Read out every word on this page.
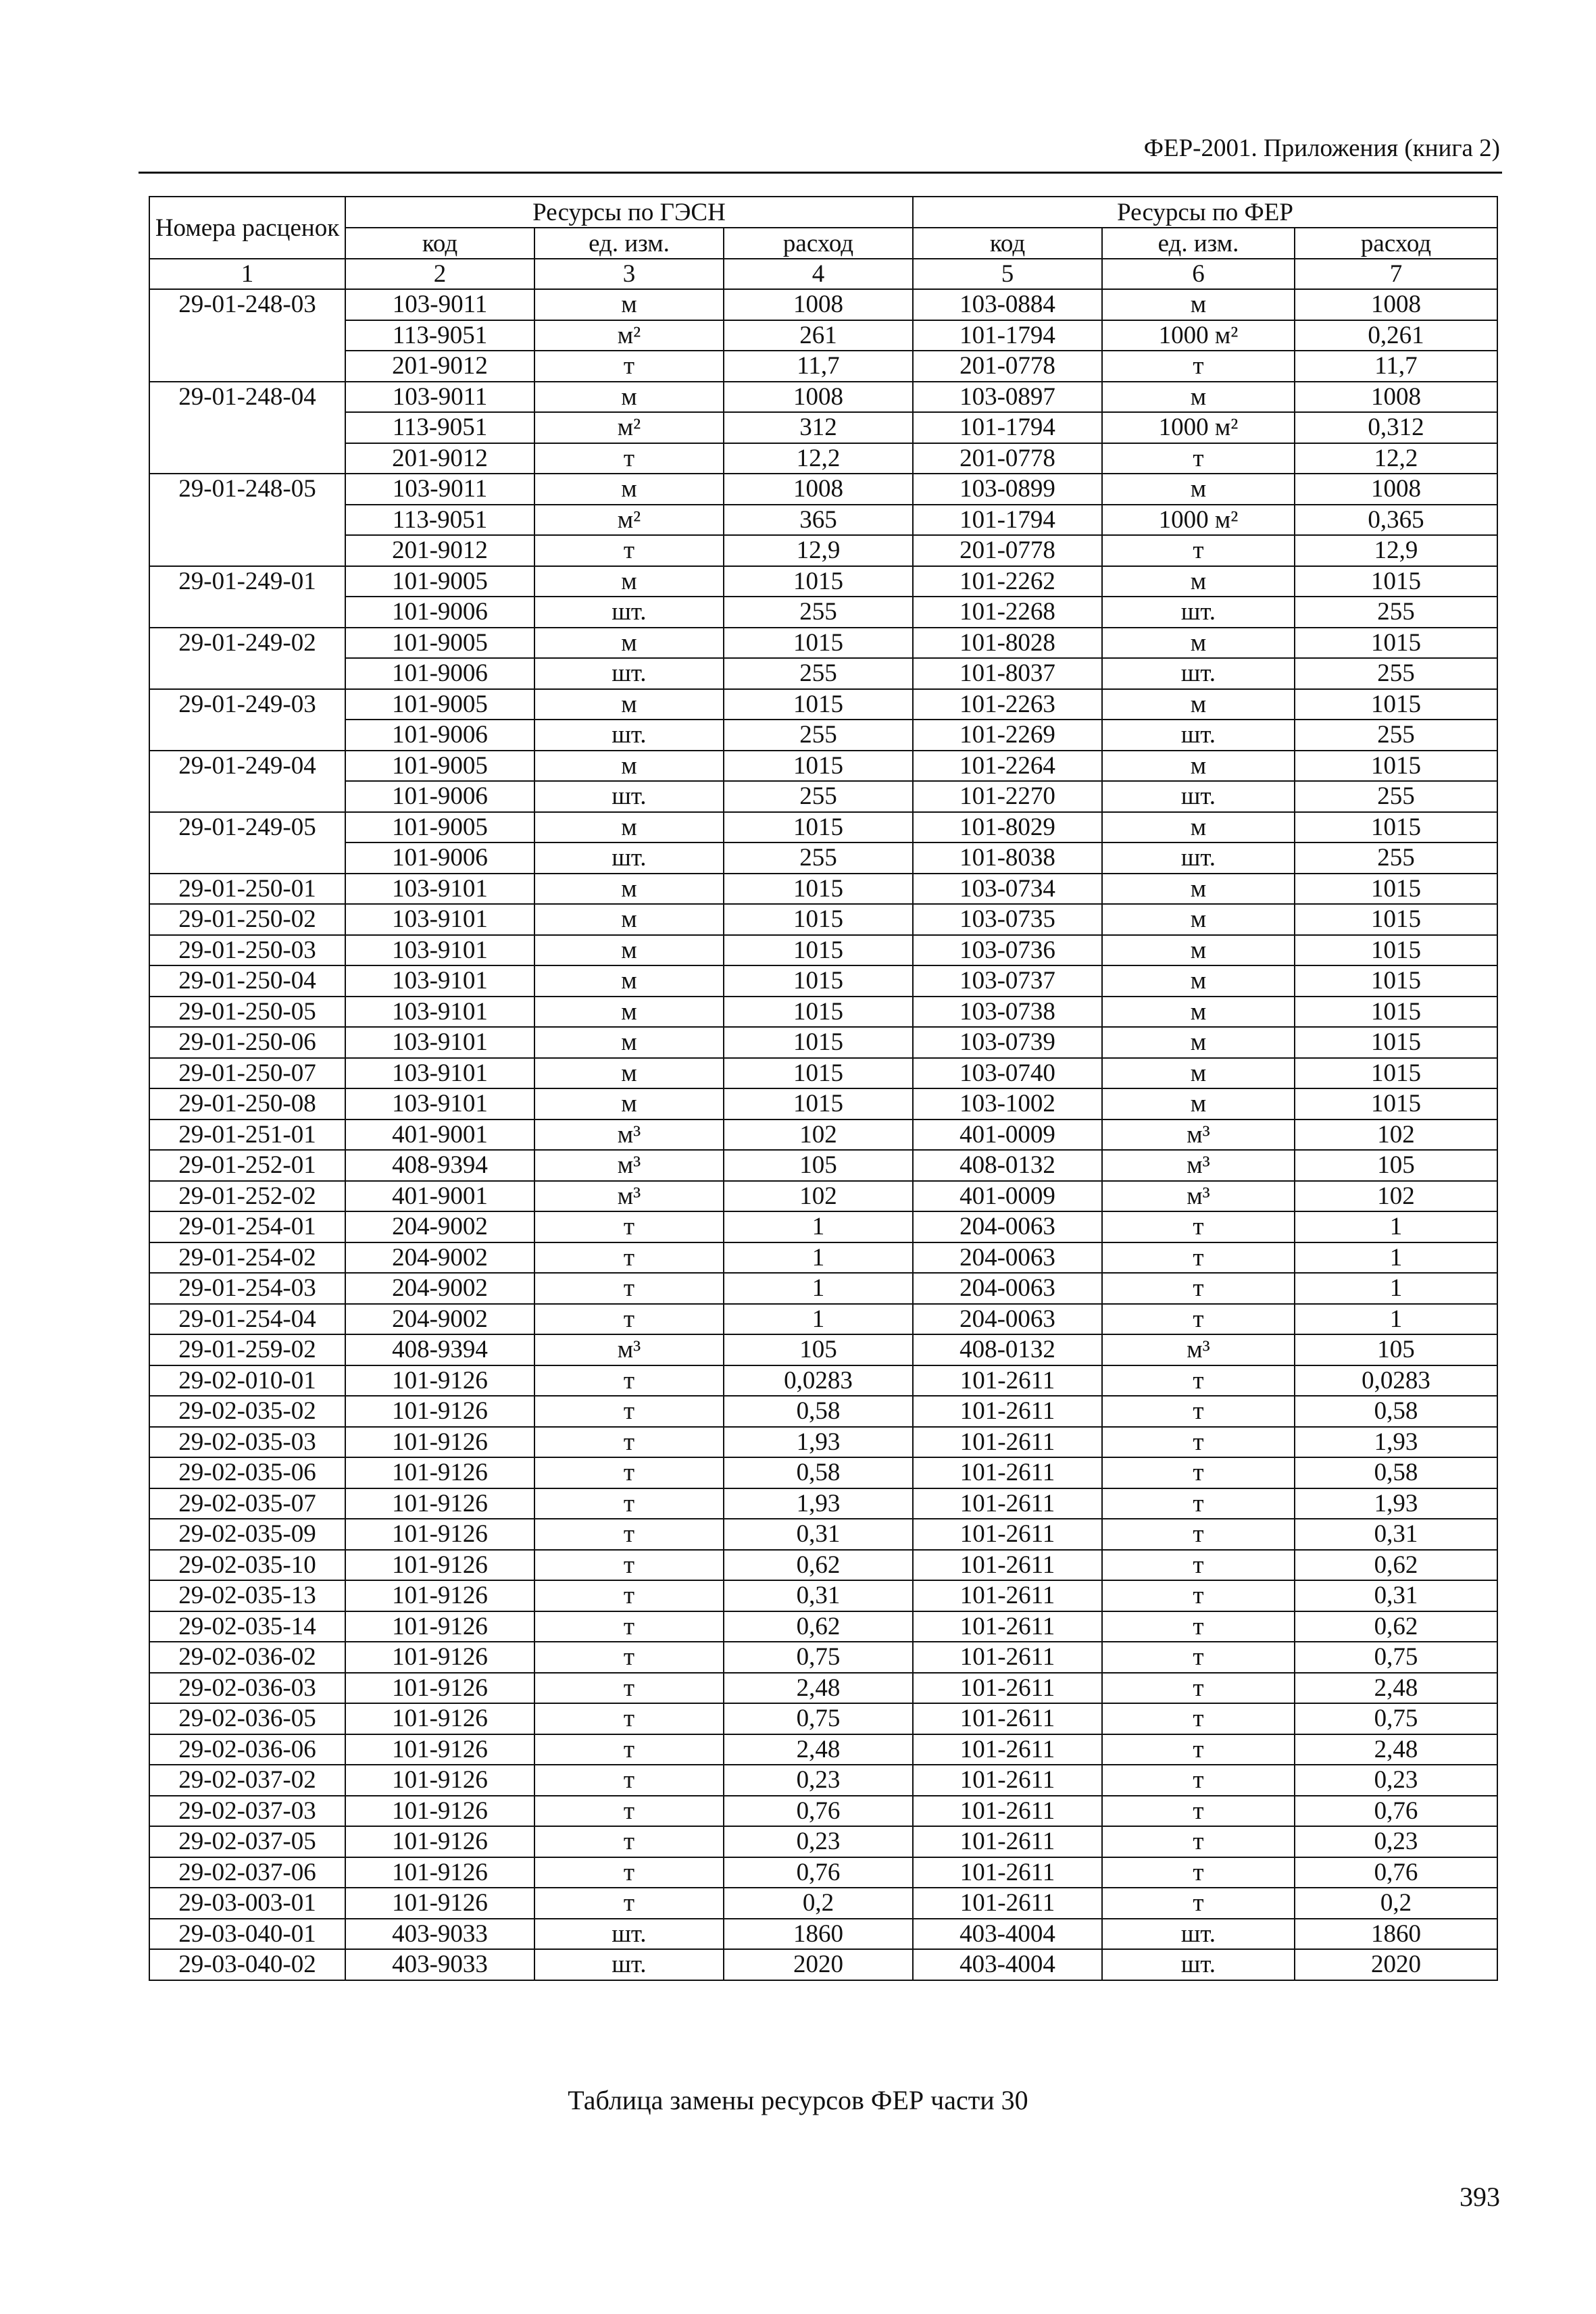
ФЕР-2001. Приложения (книга 2)
Номера расценок	Ресурсы по ГЭСН			Ресурсы по ФЕР		
	код	ед. изм.	расход	код	ед. изм.	расход
1	2	3	4	5	6	7
29-01-248-03	103-9011	м	1008	103-0884	м	1008
	113-9051	м²	261	101-1794	1000 м²	0,261
	201-9012	т	11,7	201-0778	т	11,7
29-01-248-04	103-9011	м	1008	103-0897	м	1008
	113-9051	м²	312	101-1794	1000 м²	0,312
	201-9012	т	12,2	201-0778	т	12,2
29-01-248-05	103-9011	м	1008	103-0899	м	1008
	113-9051	м²	365	101-1794	1000 м²	0,365
	201-9012	т	12,9	201-0778	т	12,9
29-01-249-01	101-9005	м	1015	101-2262	м	1015
	101-9006	шт.	255	101-2268	шт.	255
29-01-249-02	101-9005	м	1015	101-8028	м	1015
	101-9006	шт.	255	101-8037	шт.	255
29-01-249-03	101-9005	м	1015	101-2263	м	1015
	101-9006	шт.	255	101-2269	шт.	255
29-01-249-04	101-9005	м	1015	101-2264	м	1015
	101-9006	шт.	255	101-2270	шт.	255
29-01-249-05	101-9005	м	1015	101-8029	м	1015
	101-9006	шт.	255	101-8038	шт.	255
29-01-250-01	103-9101	м	1015	103-0734	м	1015
29-01-250-02	103-9101	м	1015	103-0735	м	1015
29-01-250-03	103-9101	м	1015	103-0736	м	1015
29-01-250-04	103-9101	м	1015	103-0737	м	1015
29-01-250-05	103-9101	м	1015	103-0738	м	1015
29-01-250-06	103-9101	м	1015	103-0739	м	1015
29-01-250-07	103-9101	м	1015	103-0740	м	1015
29-01-250-08	103-9101	м	1015	103-1002	м	1015
29-01-251-01	401-9001	м³	102	401-0009	м³	102
29-01-252-01	408-9394	м³	105	408-0132	м³	105
29-01-252-02	401-9001	м³	102	401-0009	м³	102
29-01-254-01	204-9002	т	1	204-0063	т	1
29-01-254-02	204-9002	т	1	204-0063	т	1
29-01-254-03	204-9002	т	1	204-0063	т	1
29-01-254-04	204-9002	т	1	204-0063	т	1
29-01-259-02	408-9394	м³	105	408-0132	м³	105
29-02-010-01	101-9126	т	0,0283	101-2611	т	0,0283
29-02-035-02	101-9126	т	0,58	101-2611	т	0,58
29-02-035-03	101-9126	т	1,93	101-2611	т	1,93
29-02-035-06	101-9126	т	0,58	101-2611	т	0,58
29-02-035-07	101-9126	т	1,93	101-2611	т	1,93
29-02-035-09	101-9126	т	0,31	101-2611	т	0,31
29-02-035-10	101-9126	т	0,62	101-2611	т	0,62
29-02-035-13	101-9126	т	0,31	101-2611	т	0,31
29-02-035-14	101-9126	т	0,62	101-2611	т	0,62
29-02-036-02	101-9126	т	0,75	101-2611	т	0,75
29-02-036-03	101-9126	т	2,48	101-2611	т	2,48
29-02-036-05	101-9126	т	0,75	101-2611	т	0,75
29-02-036-06	101-9126	т	2,48	101-2611	т	2,48
29-02-037-02	101-9126	т	0,23	101-2611	т	0,23
29-02-037-03	101-9126	т	0,76	101-2611	т	0,76
29-02-037-05	101-9126	т	0,23	101-2611	т	0,23
29-02-037-06	101-9126	т	0,76	101-2611	т	0,76
29-03-003-01	101-9126	т	0,2	101-2611	т	0,2
29-03-040-01	403-9033	шт.	1860	403-4004	шт.	1860
29-03-040-02	403-9033	шт.	2020	403-4004	шт.	2020
Таблица замены ресурсов ФЕР части 30
393
